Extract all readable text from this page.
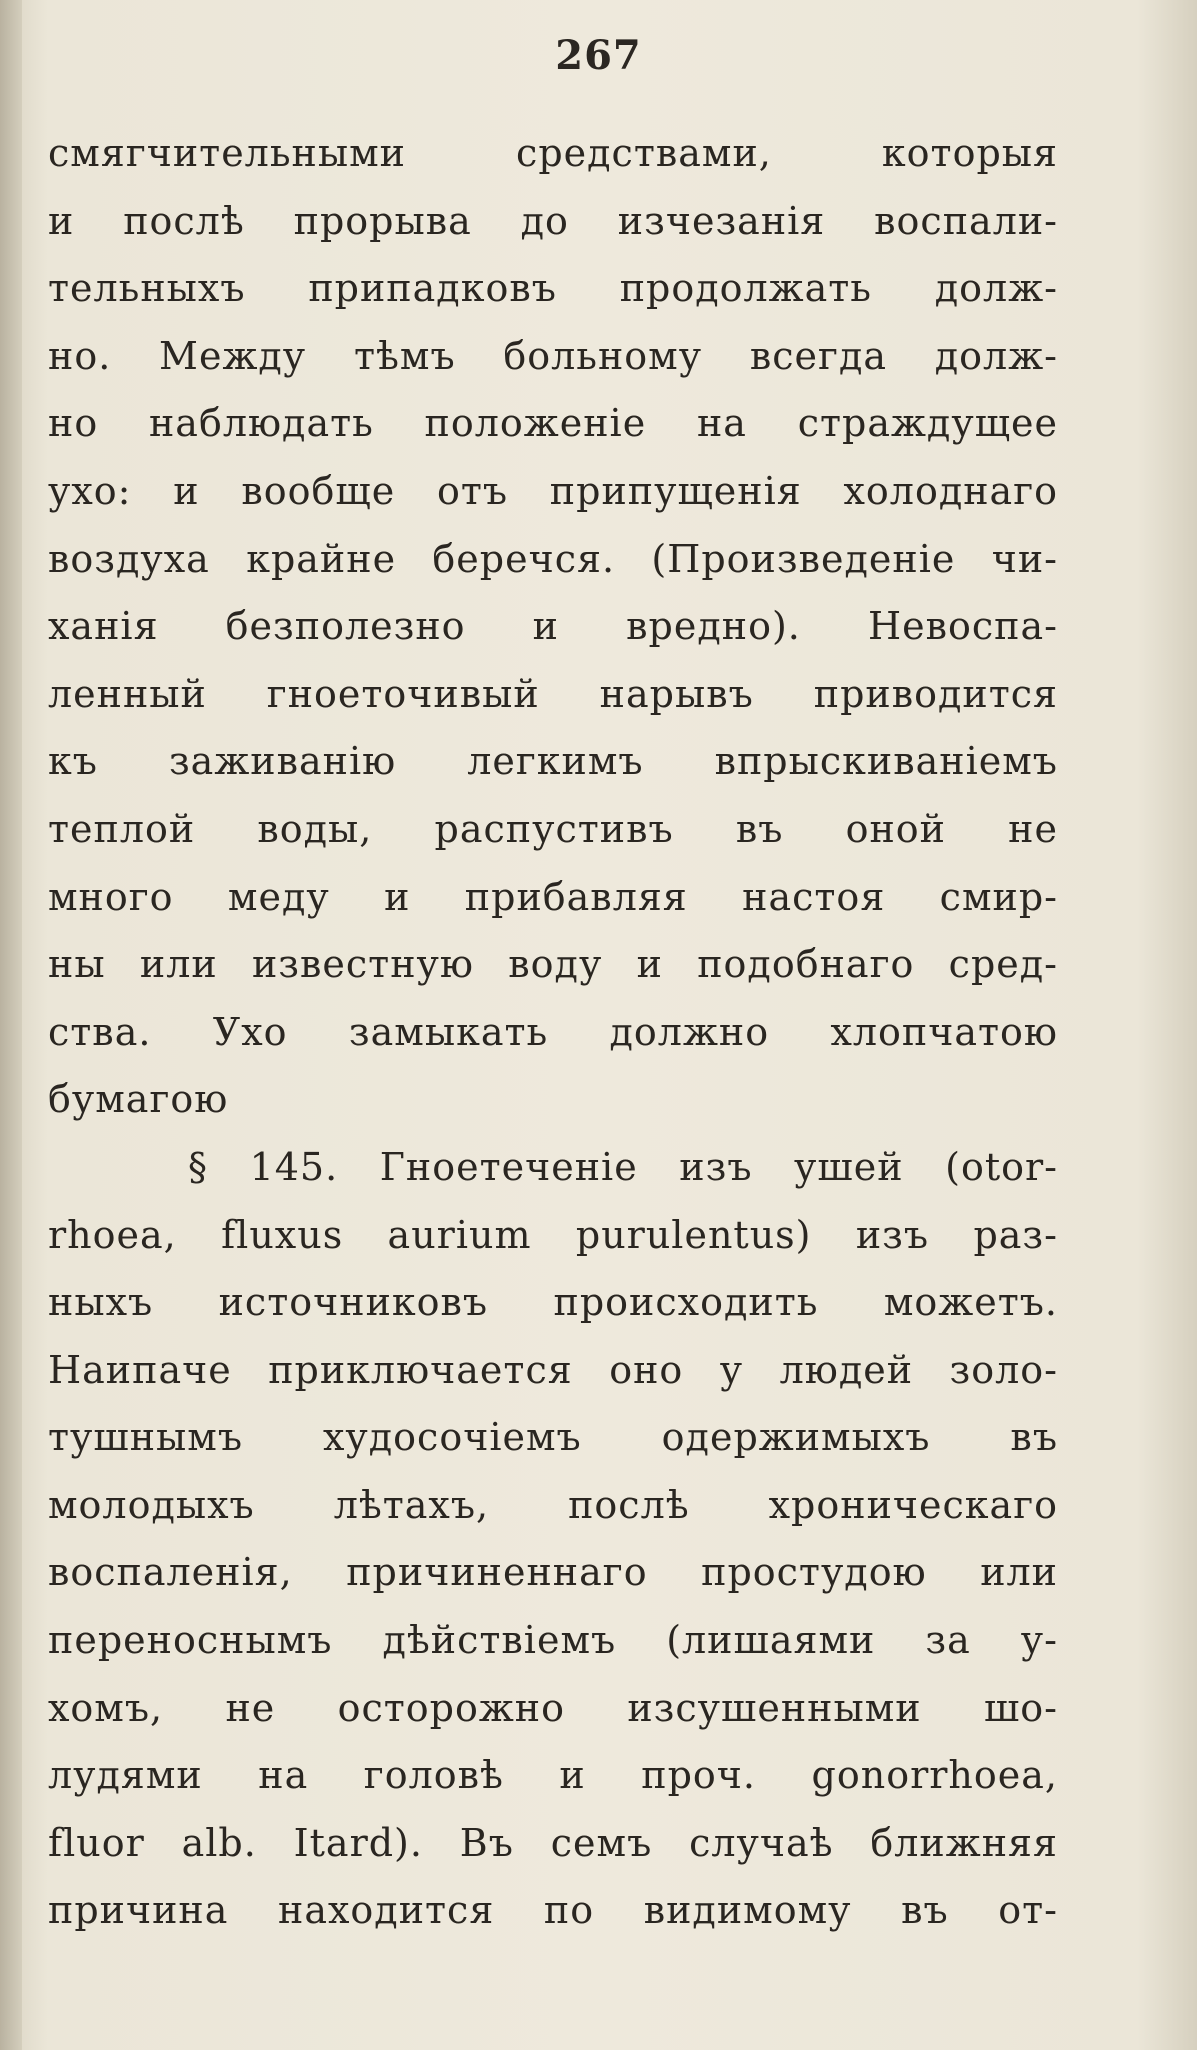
267
смягчительными средствами, которыя
и послѣ прорыва до изчезанія воспали-
тельныхъ припадковъ продолжать долж-
но. Между тѣмъ больному всегда долж-
но наблюдать положеніе на страждущее
ухо: и вообще отъ припущенія холоднаго
воздуха крайне беречся. (Произведеніе чи-
ханія безполезно и вредно). Невоспа-
ленный гноеточивый нарывъ приводится
къ заживанію легкимъ впрыскиваніемъ
теплой воды, распустивъ въ оной не
много меду и прибавляя настоя смир-
ны или известную воду и подобнаго сред-
ства. Ухо замыкать должно хлопчатою
бумагою
§ 145. Гноетеченіе изъ ушей (otor-
rhoea, fluxus aurium purulentus) изъ раз-
ныхъ источниковъ происходить можетъ.
Наипаче приключается оно у людей золо-
тушнымъ худосочіемъ одержимыхъ въ
молодыхъ лѣтахъ, послѣ хроническаго
воспаленія, причиненнаго простудою или
переноснымъ дѣйствіемъ (лишаями за у-
хомъ, не осторожно изсушенными шо-
лудями на головѣ и проч. gonorrhoea,
fluor alb. Itard). Въ семъ случаѣ ближняя
причина находится по видимому въ от-
